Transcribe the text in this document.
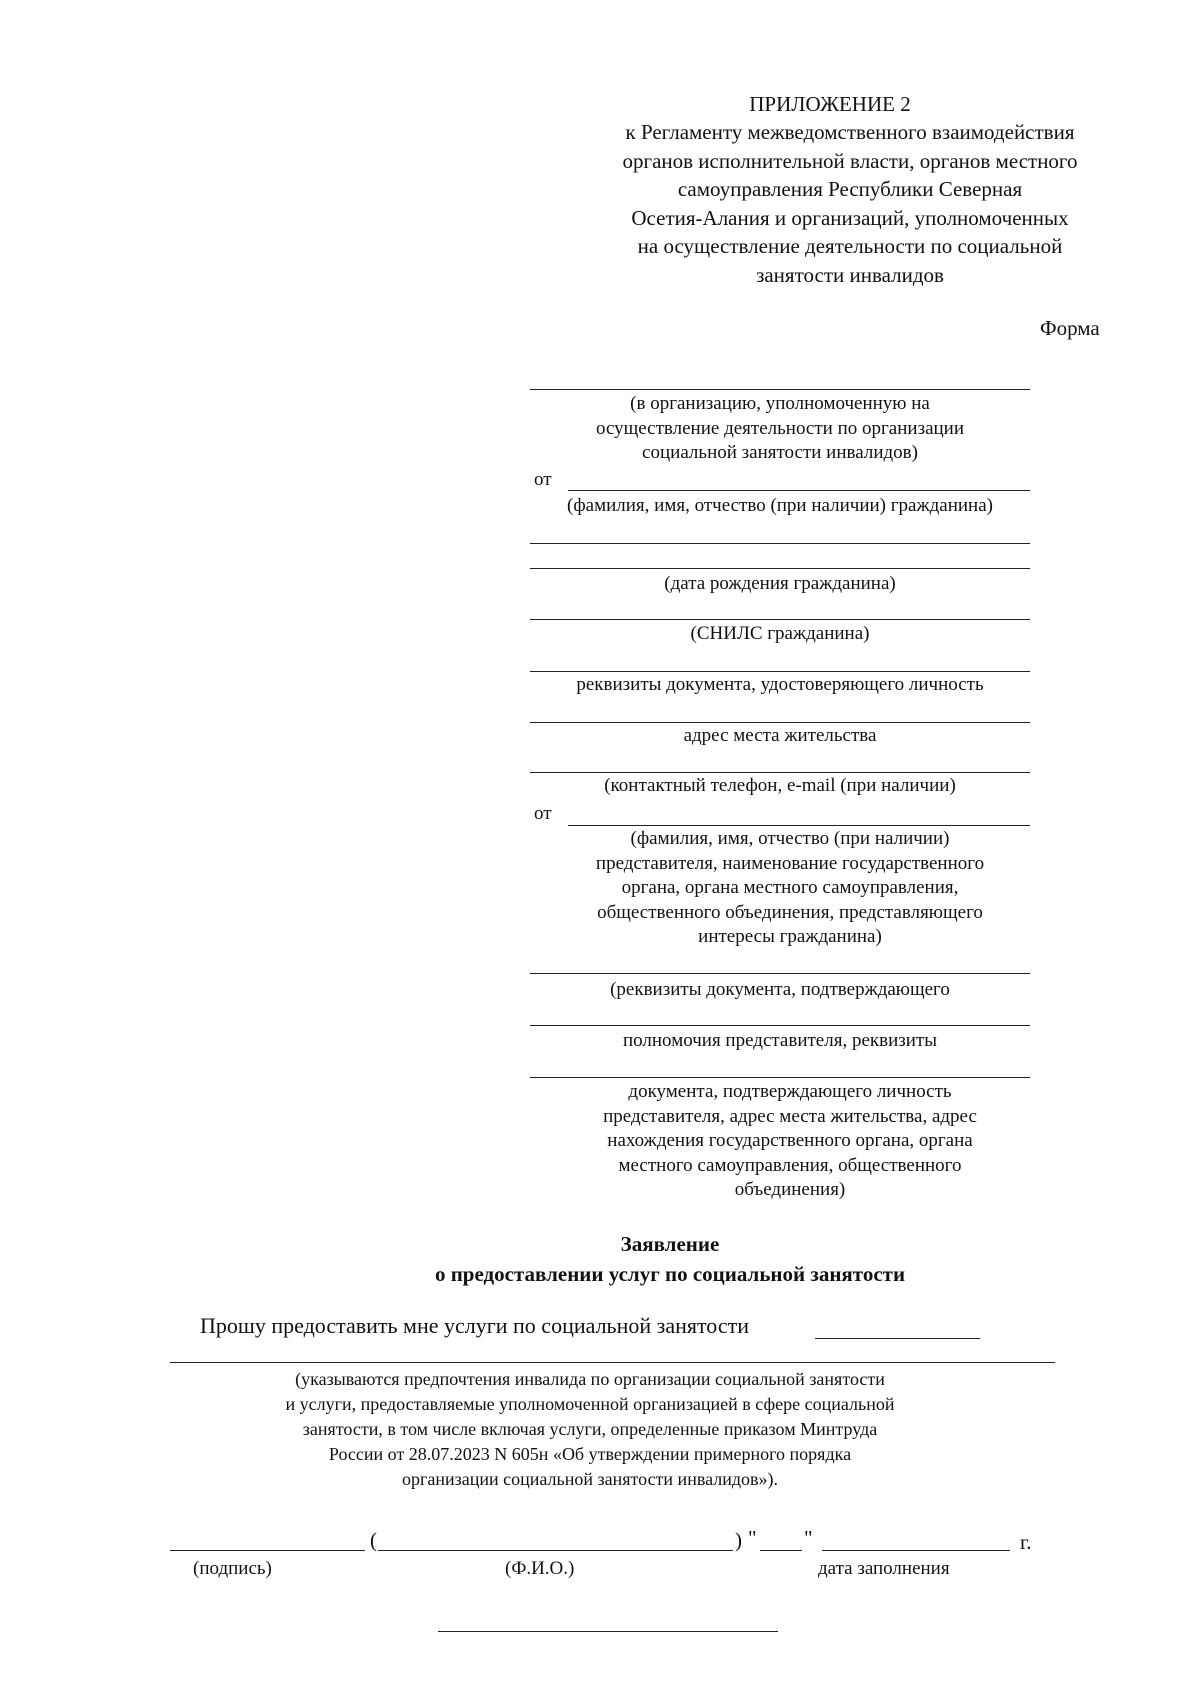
ПРИЛОЖЕНИЕ 2
к Регламенту межведомственного взаимодействия
органов исполнительной власти, органов местного
самоуправления Республики Северная
Осетия-Алания и организаций, уполномоченных
на осуществление деятельности по социальной
занятости инвалидов
Форма
(в организацию, уполномоченную на
осуществление деятельности по организации
социальной занятости инвалидов)
от
(фамилия, имя, отчество (при наличии) гражданина)
(дата рождения гражданина)
(СНИЛС гражданина)
реквизиты документа, удостоверяющего личность
адрес места жительства
(контактный телефон, e-mail (при наличии)
от
(фамилия, имя, отчество (при наличии)
представителя, наименование государственного
органа, органа местного самоуправления,
общественного объединения, представляющего
интересы гражданина)
(реквизиты документа, подтверждающего
полномочия представителя, реквизиты
документа, подтверждающего личность
представителя, адрес места жительства, адрес
нахождения государственного органа, органа
местного самоуправления, общественного
объединения)
Заявление
о предоставлении услуг по социальной занятости
Прошу предоставить мне услуги по социальной занятости
(указываются предпочтения инвалида по организации социальной занятости
и услуги, предоставляемые уполномоченной организацией в сфере социальной
занятости, в том числе включая услуги, определенные приказом Минтруда
России от 28.07.2023 N 605н «Об утверждении примерного порядка
организации социальной занятости инвалидов»).
(	) " "	г.
(подпись)	(Ф.И.О.)	дата заполнения
